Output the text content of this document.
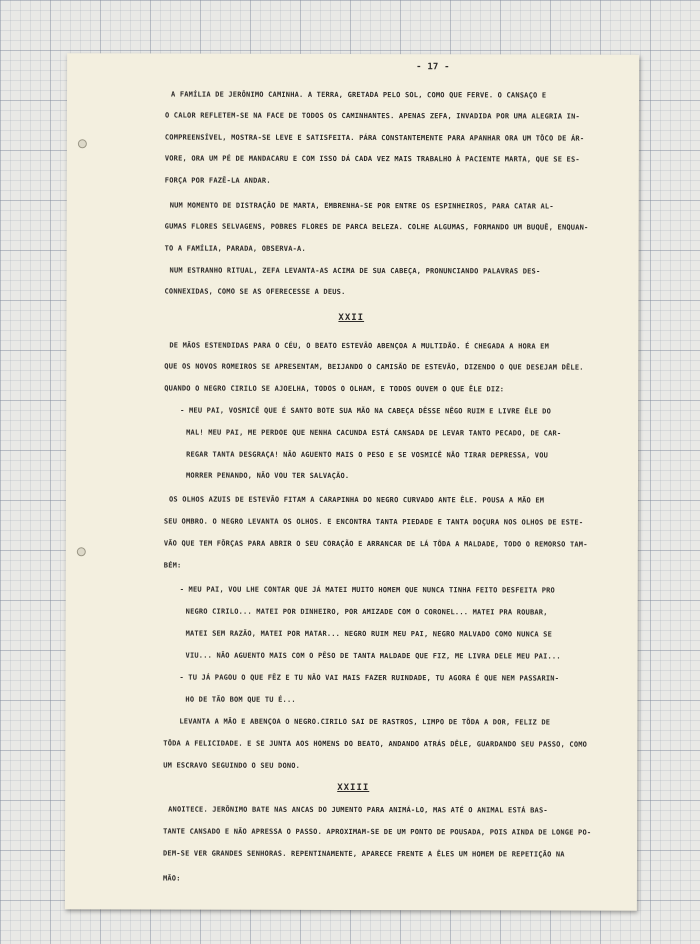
- 17 -
A FAMÍLIA DE JERÔNIMO CAMINHA. A TERRA, GRETADA PELO SOL, COMO QUE FERVE. O CANSAÇO E
O CALOR REFLETEM-SE NA FACE DE TODOS OS CAMINHANTES. APENAS ZEFA, INVADIDA POR UMA ALEGRIA IN-
COMPREENSÍVEL, MOSTRA-SE LEVE E SATISFEITA. PÁRA CONSTANTEMENTE PARA APANHAR ORA UM TÔCO DE ÁR-
VORE, ORA UM PÉ DE MANDACARU E COM ISSO DÁ CADA VEZ MAIS TRABALHO À PACIENTE MARTA, QUE SE ES-
FORÇA POR FAZÊ-LA ANDAR.
NUM MOMENTO DE DISTRAÇÃO DE MARTA, EMBRENHA-SE POR ENTRE OS ESPINHEIROS, PARA CATAR AL-
GUMAS FLORES SELVAGENS, POBRES FLORES DE PARCA BELEZA. COLHE ALGUMAS, FORMANDO UM BUQUÊ, ENQUAN-
TO A FAMÍLIA, PARADA, OBSERVA-A.
NUM ESTRANHO RITUAL, ZEFA LEVANTA-AS ACIMA DE SUA CABEÇA, PRONUNCIANDO PALAVRAS DES-
CONNEXIDAS, COMO SE AS OFERECESSE A DEUS.
XXII
DE MÃOS ESTENDIDAS PARA O CÉU, O BEATO ESTEVÃO ABENÇOA A MULTIDÃO. É CHEGADA A HORA EM
QUE OS NOVOS ROMEIROS SE APRESENTAM, BEIJANDO O CAMISÃO DE ESTEVÃO, DIZENDO O QUE DESEJAM DÊLE.
QUANDO O NEGRO CIRILO SE AJOELHA, TODOS O OLHAM, E TODOS OUVEM O QUE ÊLE DIZ:
- MEU PAI, VOSMICÊ QUE É SANTO BOTE SUA MÃO NA CABEÇA DÊSSE NÊGO RUIM E LIVRE ÊLE DO
MAL! MEU PAI, ME PERDOE QUE NENHA CACUNDA ESTÁ CANSADA DE LEVAR TANTO PECADO, DE CAR-
REGAR TANTA DESGRAÇA! NÃO AGUENTO MAIS O PESO E SE VOSMICÊ NÃO TIRAR DEPRESSA, VOU
MORRER PENANDO, NÃO VOU TER SALVAÇÃO.
OS OLHOS AZUIS DE ESTEVÃO FITAM A CARAPINHA DO NEGRO CURVADO ANTE ÊLE. POUSA A MÃO EM
SEU OMBRO. O NEGRO LEVANTA OS OLHOS. E ENCONTRA TANTA PIEDADE E TANTA DOÇURA NOS OLHOS DE ESTE-
VÃO QUE TEM FÔRÇAS PARA ABRIR O SEU CORAÇÃO E ARRANCAR DE LÁ TÔDA A MALDADE, TODO O REMORSO TAM-
BÉM:
- MEU PAI, VOU LHE CONTAR QUE JÁ MATEI MUITO HOMEM QUE NUNCA TINHA FEITO DESFEITA PRO
NEGRO CIRILO... MATEI POR DINHEIRO, POR AMIZADE COM O CORONEL... MATEI PRA ROUBAR,
MATEI SEM RAZÃO, MATEI POR MATAR... NEGRO RUIM MEU PAI, NEGRO MALVADO COMO NUNCA SE
VIU... NÃO AGUENTO MAIS COM O PÊSO DE TANTA MALDADE QUE FIZ, ME LIVRA DELE MEU PAI...
- TU JÁ PAGOU O QUE FÊZ E TU NÃO VAI MAIS FAZER RUINDADE, TU AGORA É QUE NEM PASSARIN-
HO DE TÃO BOM QUE TU É...
LEVANTA A MÃO E ABENÇOA O NEGRO.CIRILO SAI DE RASTROS, LIMPO DE TÔDA A DOR, FELIZ DE
TÔDA A FELICIDADE. E SE JUNTA AOS HOMENS DO BEATO, ANDANDO ATRÁS DÊLE, GUARDANDO SEU PASSO, COMO
UM ESCRAVO SEGUINDO O SEU DONO.
XXIII
ANOITECE. JERÔNIMO BATE NAS ANCAS DO JUMENTO PARA ANIMÁ-LO, MAS ATÉ O ANIMAL ESTÁ BAS-
TANTE CANSADO E NÃO APRESSA O PASSO. APROXIMAM-SE DE UM PONTO DE POUSADA, POIS AINDA DE LONGE PO-
DEM-SE VER GRANDES SENHORAS. REPENTINAMENTE, APARECE FRENTE A ÊLES UM HOMEM DE REPETIÇÃO NA
MÃO:
